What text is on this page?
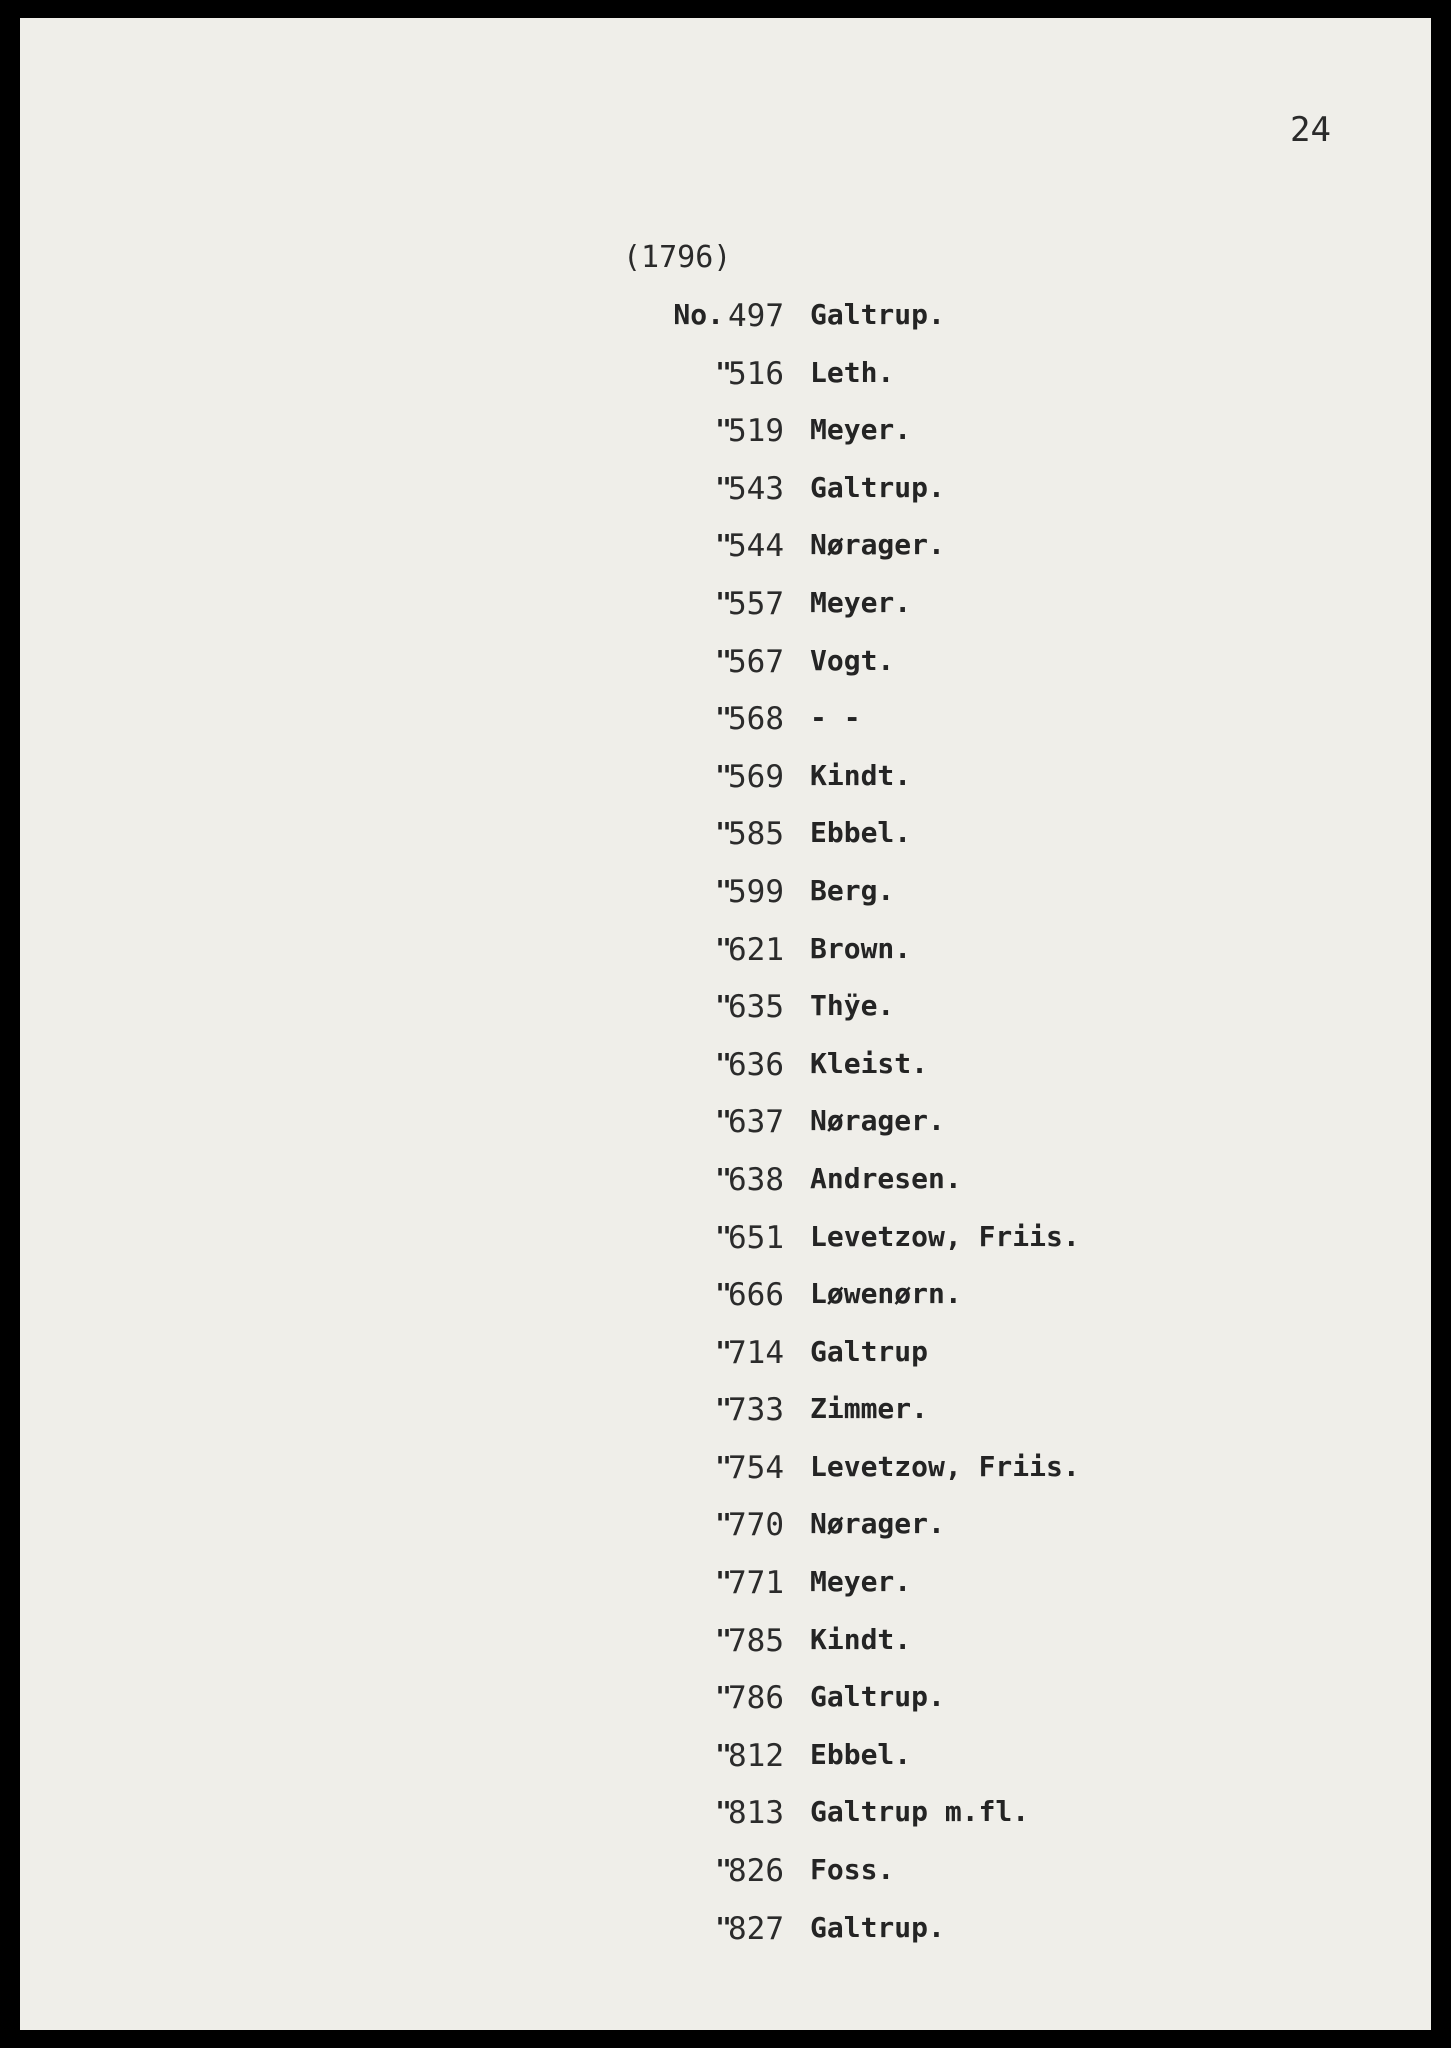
24
(1796)
No. 497 Galtrup.
"
516 Leth.
"
519 Meyer.
"
543 Galtrup.
"
544 Nørager.
"
557 Meyer.
"
567 Vogt.
"
568 - -
"
569 Kindt.
"
585 Ebbel.
"
599 Berg.
"
621 Brown.
"
635 Thÿe.
"
636 Kleist.
"
637 Nørager.
"
638 Andresen.
"
651 Levetzow, Friis.
"
666 Løwenørn.
"
714 Galtrup
"
733 Zimmer.
"
754 Levetzow, Friis.
"
770 Nørager.
"
771 Meyer.
"
785 Kindt.
"
786 Galtrup.
"
812 Ebbel.
"
813 Galtrup m.fl.
"
826 Foss.
"
827 Galtrup.
